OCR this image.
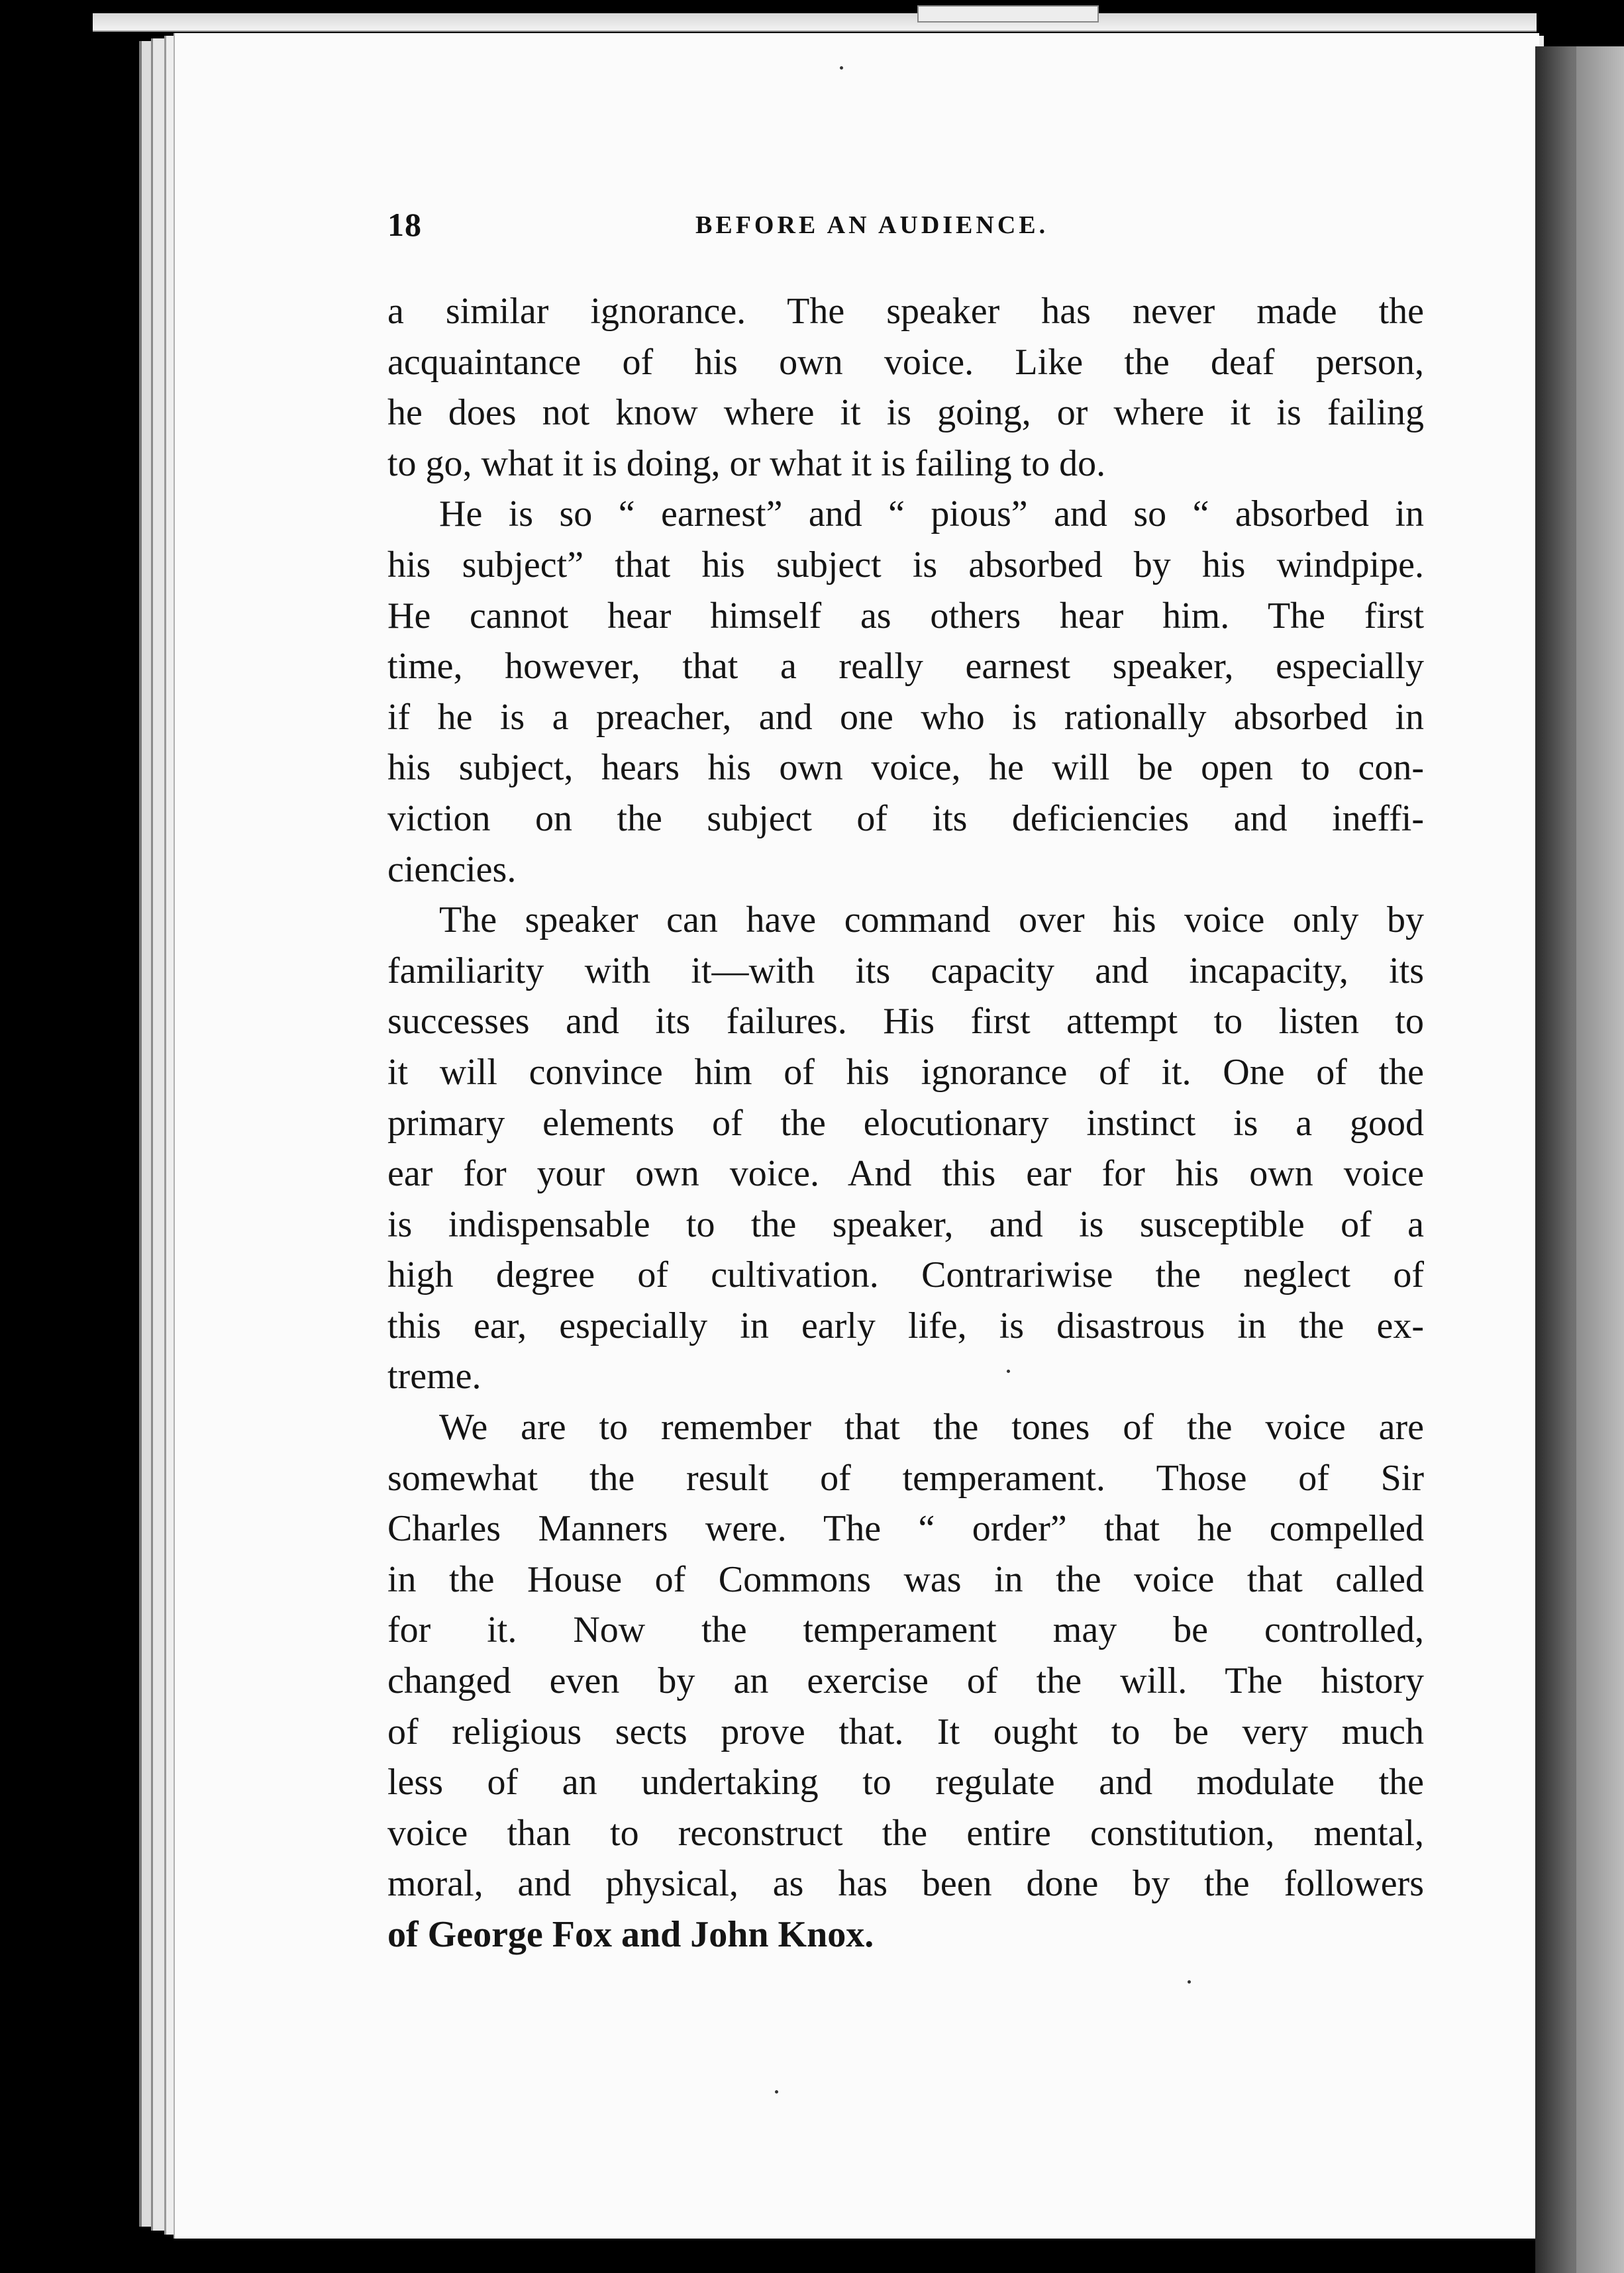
18	BEFORE AN AUDIENCE.
a similar ignorance. The speaker has never made the
acquaintance of his own voice. Like the deaf person,
he does not know where it is going, or where it is failing
to go, what it is doing, or what it is failing to do.
He is so “ earnest” and “ pious” and so “ absorbed in
his subject” that his subject is absorbed by his windpipe.
He cannot hear himself as others hear him. The first
time, however, that a really earnest speaker, especially
if he is a preacher, and one who is rationally absorbed in
his subject, hears his own voice, he will be open to con-
viction on the subject of its deficiencies and ineffi-
ciencies.
The speaker can have command over his voice only by
familiarity with it—with its capacity and incapacity, its
successes and its failures. His first attempt to listen to
it will convince him of his ignorance of it. One of the
primary elements of the elocutionary instinct is a good
ear for your own voice. And this ear for his own voice
is indispensable to the speaker, and is susceptible of a
high degree of cultivation. Contrariwise the neglect of
this ear, especially in early life, is disastrous in the ex-
treme.
We are to remember that the tones of the voice are
somewhat the result of temperament. Those of Sir
Charles Manners were. The “ order” that he compelled
in the House of Commons was in the voice that called
for it. Now the temperament may be controlled,
changed even by an exercise of the will. The history
of religious sects prove that. It ought to be very much
less of an undertaking to regulate and modulate the
voice than to reconstruct the entire constitution, mental,
moral, and physical, as has been done by the followers
of George Fox and John Knox.
